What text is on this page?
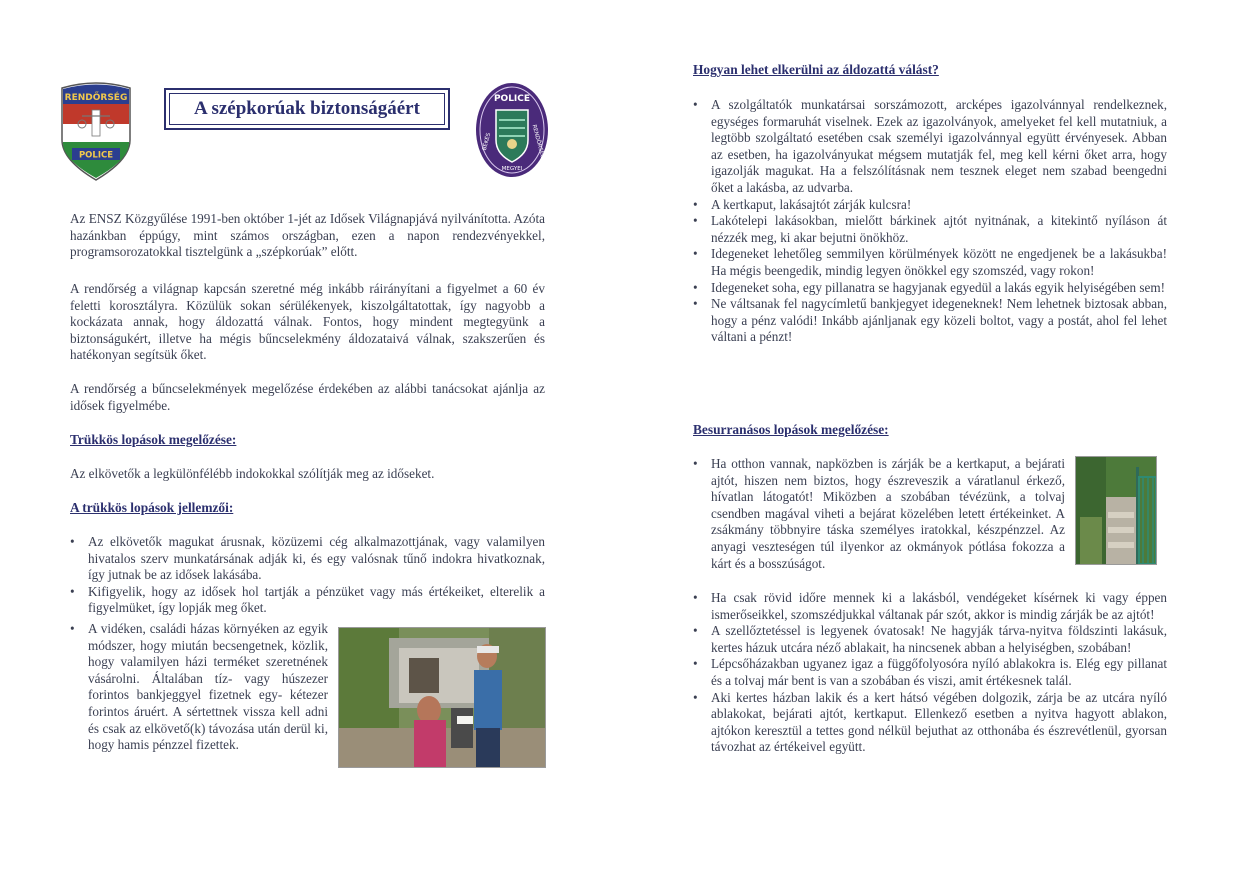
RENDŐRSÉG
POLICE
A szépkorúak biztonságáért	POLICE
BÉKÉS	RENDŐRSÉG
MEGYEI

Az ENSZ Közgyűlése 1991-ben október 1-jét az Idősek Világnapjává nyilvánította. Azóta hazánkban éppúgy, mint számos országban, ezen a napon rendezvényekkel, programsorozatokkal tisztelgünk a „szépkorúak” előtt.

A rendőrség a világnap kapcsán szeretné még inkább ráirányítani a figyelmet a 60 év feletti korosztályra. Közülük sokan sérülékenyek, kiszolgáltatottak, így nagyobb a kockázata annak, hogy áldozattá válnak. Fontos, hogy mindent megtegyünk a biztonságukért, illetve ha mégis bűncselekmény áldozataivá válnak, szakszerűen és hatékonyan segítsük őket.

A rendőrség a bűncselekmények megelőzése érdekében az alábbi tanácsokat ajánlja az idősek figyelmébe.

Trükkös lopások megelőzése:

Az elkövetők a legkülönfélébb indokokkal szólítják meg az időseket.

A trükkös lopások jellemzői:
• Az elkövetők magukat árusnak, közüzemi cég alkalmazottjának, vagy valamilyen hivatalos szerv munkatársának adják ki, és egy valósnak tűnő indokra hivatkoznak, így jutnak be az idősek lakásába.
• Kifigyelik, hogy az idősek hol tartják a pénzüket vagy más értékeiket, elterelik a figyelmüket, így lopják meg őket.
• A vidéken, családi házas környéken az egyik módszer, hogy miután becsengetnek, közlik, hogy valamilyen házi terméket szeretnének vásárolni. Általában tíz- vagy húszezer forintos bankjeggyel fizetnek egy- kétezer forintos áruért. A sértettnek vissza kell adni és csak az elkövető(k) távozása után derül ki, hogy hamis pénzzel fizettek.
Hogyan lehet elkerülni az áldozattá válást?
• A szolgáltatók munkatársai sorszámozott, arcképes igazolvánnyal rendelkeznek, egységes formaruhát viselnek. Ezek az igazolványok, amelyeket fel kell mutatniuk, a legtöbb szolgáltató esetében csak személyi igazolvánnyal együtt érvényesek. Abban az esetben, ha igazolványukat mégsem mutatják fel, meg kell kérni őket arra, hogy igazolják magukat. Ha a felszólításnak nem tesznek eleget nem szabad beengedni őket a lakásba, az udvarba.
• A kertkaput, lakásajtót zárják kulcsra!
• Lakótelepi lakásokban, mielőtt bárkinek ajtót nyitnának, a kitekintő nyíláson át nézzék meg, ki akar bejutni önökhöz.
• Idegeneket lehetőleg semmilyen körülmények között ne engedjenek be a lakásukba! Ha mégis beengedik, mindig legyen önökkel egy szomszéd, vagy rokon!
• Idegeneket soha, egy pillanatra se hagyjanak egyedül a lakás egyik helyiségében sem!
• Ne váltsanak fel nagycímletű bankjegyet idegeneknek! Nem lehetnek biztosak abban, hogy a pénz valódi! Inkább ajánljanak egy közeli boltot, vagy a postát, ahol fel lehet váltani a pénzt!
Besurranásos lopások megelőzése:
• Ha otthon vannak, napközben is zárják be a kertkaput, a bejárati ajtót, hiszen nem biztos, hogy észreveszik a váratlanul érkező, hívatlan látogatót! Miközben a szobában tévézünk, a tolvaj csendben magával viheti a bejárat közelében letett értékeinket. A zsákmány többnyire táska személyes iratokkal, készpénzzel. Az anyagi veszteségen túl ilyenkor az okmányok pótlása fokozza a kárt és a bosszúságot.
• Ha csak rövid időre mennek ki a lakásból, vendégeket kísérnek ki vagy éppen ismerőseikkel, szomszédjukkal váltanak pár szót, akkor is mindig zárják be az ajtót!
• A szellőztetéssel is legyenek óvatosak! Ne hagyják tárva-nyitva földszinti lakásuk, kertes házuk utcára néző ablakait, ha nincsenek abban a helyiségben, szobában!
• Lépcsőházakban ugyanez igaz a függőfolyosóra nyíló ablakokra is. Elég egy pillanat és a tolvaj már bent is van a szobában és viszi, amit értékesnek talál.
• Aki kertes házban lakik és a kert hátsó végében dolgozik, zárja be az utcára nyíló ablakokat, bejárati ajtót, kertkaput. Ellenkező esetben a nyitva hagyott ablakon, ajtókon keresztül a tettes gond nélkül bejuthat az otthonába és észrevétlenül, gyorsan távozhat az értékeivel együtt.
